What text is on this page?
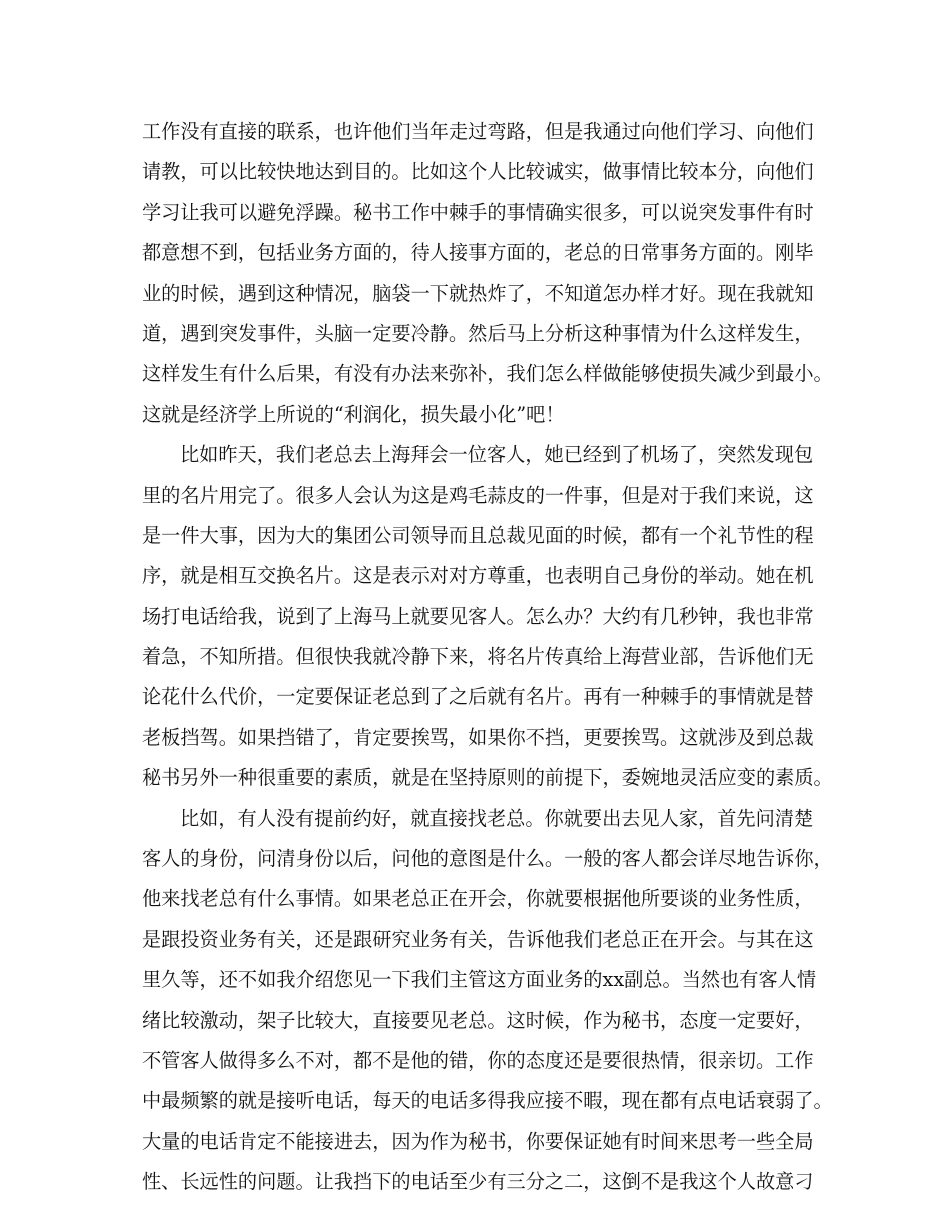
工作没有直接的联系，也许他们当年走过弯路，但是我通过向他们学习、向他们
请教，可以比较快地达到目的。比如这个人比较诚实，做事情比较本分，向他们
学习让我可以避免浮躁。秘书工作中棘手的事情确实很多，可以说突发事件有时
都意想不到，包括业务方面的，待人接事方面的，老总的日常事务方面的。刚毕
业的时候，遇到这种情况，脑袋一下就热炸了，不知道怎办样才好。现在我就知
道，遇到突发事件，头脑一定要冷静。然后马上分析这种事情为什么这样发生，
这样发生有什么后果，有没有办法来弥补，我们怎么样做能够使损失减少到最小。
这就是经济学上所说的“利润化，损失最小化”吧！
比如昨天，我们老总去上海拜会一位客人，她已经到了机场了，突然发现包
里的名片用完了。很多人会认为这是鸡毛蒜皮的一件事，但是对于我们来说，这
是一件大事，因为大的集团公司领导而且总裁见面的时候，都有一个礼节性的程
序，就是相互交换名片。这是表示对对方尊重，也表明自己身份的举动。她在机
场打电话给我，说到了上海马上就要见客人。怎么办？大约有几秒钟，我也非常
着急，不知所措。但很快我就冷静下来，将名片传真给上海营业部，告诉他们无
论花什么代价，一定要保证老总到了之后就有名片。再有一种棘手的事情就是替
老板挡驾。如果挡错了，肯定要挨骂，如果你不挡，更要挨骂。这就涉及到总裁
秘书另外一种很重要的素质，就是在坚持原则的前提下，委婉地灵活应变的素质。
比如，有人没有提前约好，就直接找老总。你就要出去见人家，首先问清楚
客人的身份，问清身份以后，问他的意图是什么。一般的客人都会详尽地告诉你，
他来找老总有什么事情。如果老总正在开会，你就要根据他所要谈的业务性质，
是跟投资业务有关，还是跟研究业务有关，告诉他我们老总正在开会。与其在这
里久等，还不如我介绍您见一下我们主管这方面业务的xx副总。当然也有客人情
绪比较激动，架子比较大，直接要见老总。这时候，作为秘书，态度一定要好，
不管客人做得多么不对，都不是他的错，你的态度还是要很热情，很亲切。工作
中最频繁的就是接听电话，每天的电话多得我应接不暇，现在都有点电话衰弱了。
大量的电话肯定不能接进去，因为作为秘书，你要保证她有时间来思考一些全局
性、长远性的问题。让我挡下的电话至少有三分之二，这倒不是我这个人故意刁
